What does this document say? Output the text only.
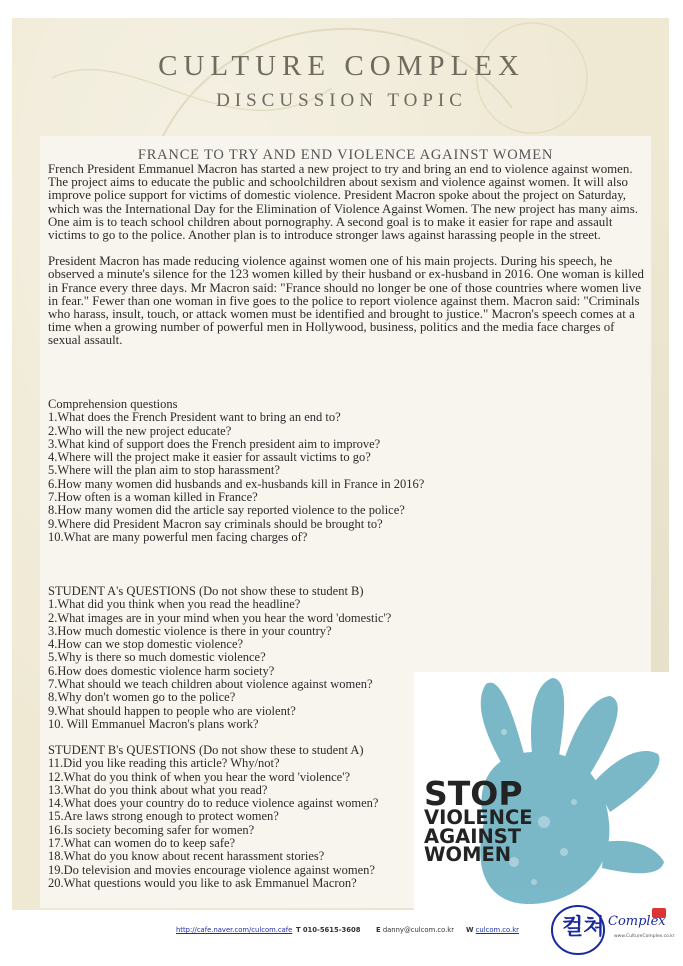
CULTURE COMPLEX
DISCUSSION TOPIC
FRANCE TO TRY AND END VIOLENCE AGAINST WOMEN

French President Emmanuel Macron has started a new project to try and bring an end to violence against women. The project aims to educate the public and schoolchildren about sexism and violence against women. It will also improve police support for victims of domestic violence. President Macron spoke about the project on Saturday, which was the International Day for the Elimination of Violence Against Women. The new project has many aims. One aim is to teach school children about pornography. A second goal is to make it easier for rape and assault victims to go to the police. Another plan is to introduce stronger laws against harassing people in the street.

President Macron has made reducing violence against women one of his main projects. During his speech, he observed a minute's silence for the 123 women killed by their husband or ex-husband in 2016. One woman is killed in France every three days. Mr Macron said: "France should no longer be one of those countries where women live in fear." Fewer than one woman in five goes to the police to report violence against them. Macron said: "Criminals who harass, insult, touch, or attack women must be identified and brought to justice." Macron's speech comes at a time when a growing number of powerful men in Hollywood, business, politics and the media face charges of sexual assault.

Comprehension questions
1.What does the French President want to bring an end to?
2.Who will the new project educate?
3.What kind of support does the French president aim to improve?
4.Where will the project make it easier for assault victims to go?
5.Where will the plan aim to stop harassment?
6.How many women did husbands and ex-husbands kill in France in 2016?
7.How often is a woman killed in France?
8.How many women did the article say reported violence to the police?
9.Where did President Macron say criminals should be brought to?
10.What are many powerful men facing charges of?
STUDENT A's QUESTIONS (Do not show these to student B)
1.What did you think when you read the headline?
2.What images are in your mind when you hear the word 'domestic'?
3.How much domestic violence is there in your country?
4.How can we stop domestic violence?
5.Why is there so much domestic violence?
6.How does domestic violence harm society?
7.What should we teach children about violence against women?
8.Why don't women go to the police?
9.What should happen to people who are violent?
10. Will Emmanuel Macron's plans work?
STUDENT B's QUESTIONS (Do not show these to student A)
11.Did you like reading this article? Why/not?
12.What do you think of when you hear the word 'violence'?
13.What do you think about what you read?
14.What does your country do to reduce violence against women?
15.Are laws strong enough to protect women?
16.Is society becoming safer for women?
17.What can women do to keep safe?
18.What do you know about recent harassment stories?
19.Do television and movies encourage violence against women?
20.What questions would you like to ask Emmanuel Macron?
STOP
VIOLENCE
AGAINST
WOMEN
http://cafe.naver.com/culcom.cafe T 010-5615-3608 E danny@culcom.co.kr W culcom.co.kr 컬쳐 Complex
www.CultureComplex.co.kr
